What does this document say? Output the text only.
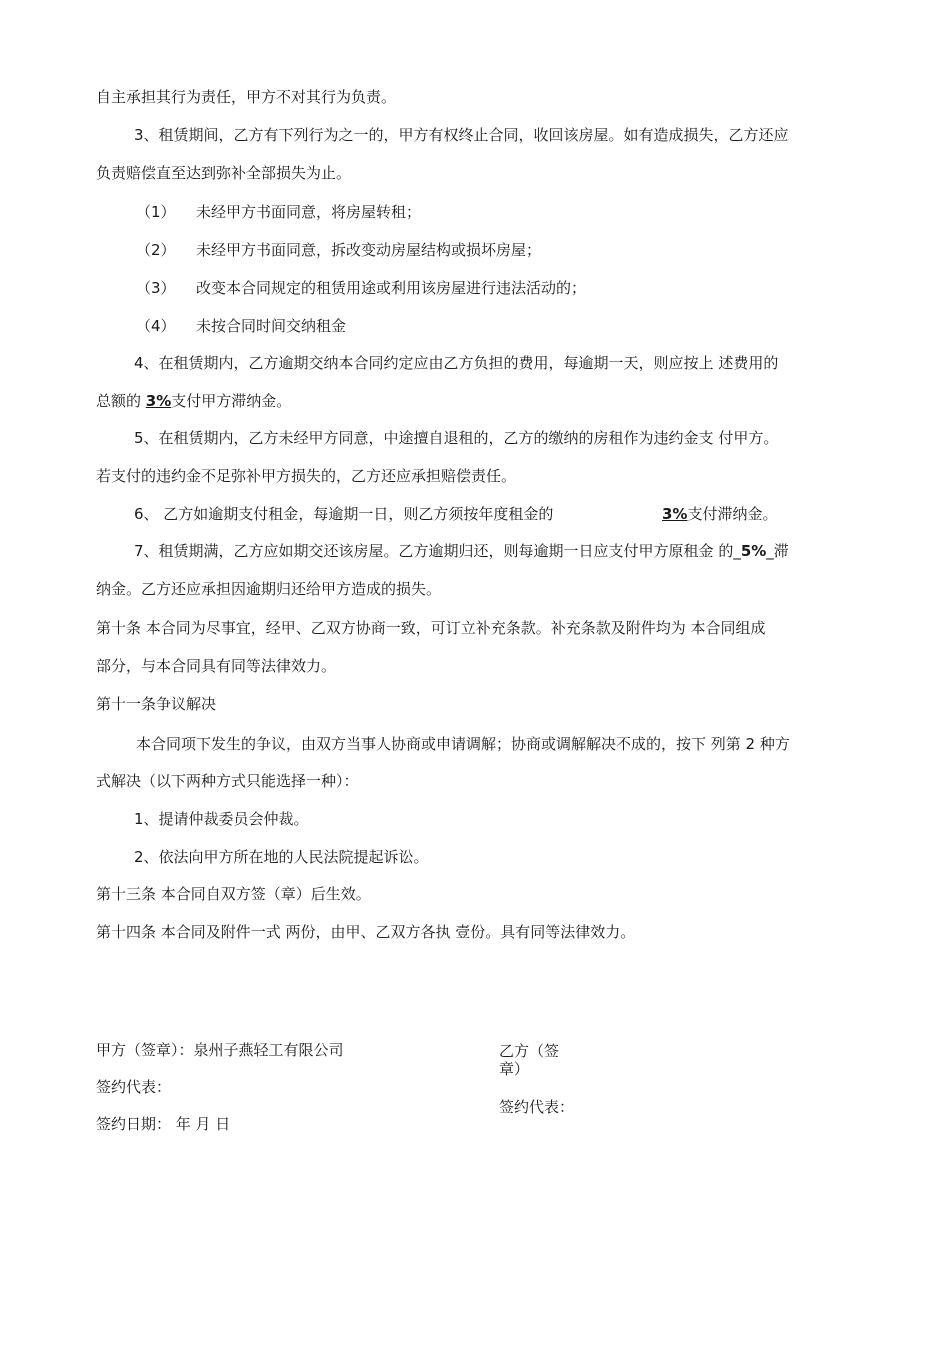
自主承担其行为责任，甲方不对其行为负责。
3、租赁期间，乙方有下列行为之一的，甲方有权终止合同，收回该房屋。如有造成损失，乙方还应
负责赔偿直至达到弥补全部损失为止。
（1） 未经甲方书面同意，将房屋转租；
（2） 未经甲方书面同意，拆改变动房屋结构或损坏房屋；
（3） 改变本合同规定的租赁用途或利用该房屋进行违法活动的；
（4） 未按合同时间交纳租金
4、在租赁期内，乙方逾期交纳本合同约定应由乙方负担的费用，每逾期一天，则应按上 述费用的
总额的 3%支付甲方滞纳金。
5、在租赁期内，乙方未经甲方同意，中途擅自退租的，乙方的缴纳的房租作为违约金支 付甲方。
若支付的违约金不足弥补甲方损失的，乙方还应承担赔偿责任。
6、 乙方如逾期支付租金，每逾期一日，则乙方须按年度租金的	3%支付滞纳金。
7、租赁期满，乙方应如期交还该房屋。乙方逾期归还，则每逾期一日应支付甲方原租金 的_5%_滞
纳金。乙方还应承担因逾期归还给甲方造成的损失。
第十条 本合同为尽事宜，经甲、乙双方协商一致，可订立补充条款。补充条款及附件均为 本合同组成
部分，与本合同具有同等法律效力。
第十一条争议解决
本合同项下发生的争议，由双方当事人协商或申请调解；协商或调解解决不成的，按下 列第 2 种方
式解决（以下两种方式只能选择一种）：
1、提请仲裁委员会仲裁。
2、依法向甲方所在地的人民法院提起诉讼。
第十三条 本合同自双方签（章）后生效。
第十四条 本合同及附件一式 两份，由甲、乙双方各执 壹份。具有同等法律效力。
甲方（签章）：泉州子燕轻工有限公司
签约代表：
签约日期： 年 月 日
乙方（签
章）
签约代表：
